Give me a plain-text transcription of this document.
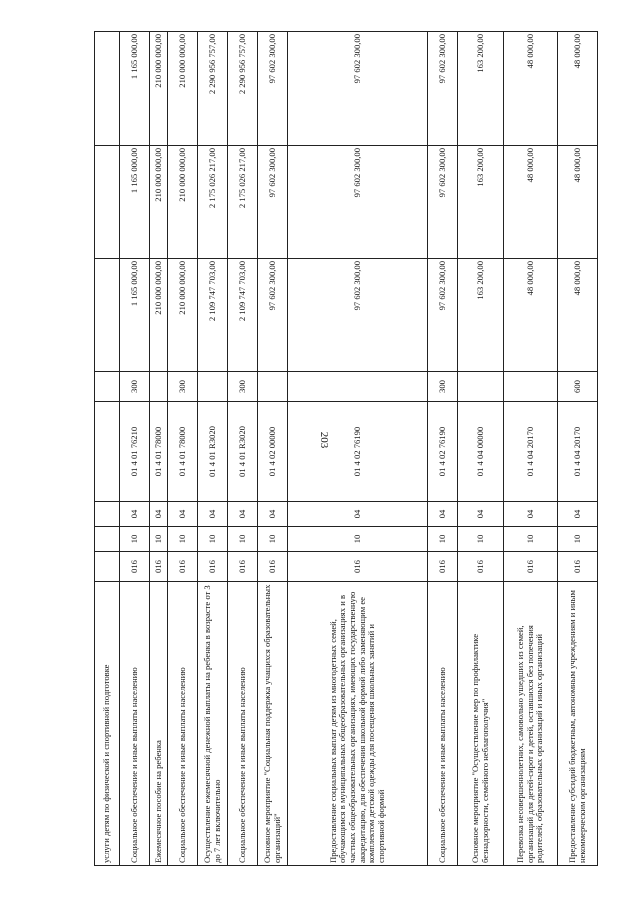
203
услуги детям по физической и спортивной подготовке								
Социальное обеспечение и иные выплаты населению	016	10	04	01 4 01 76210	300	1 165 000,00	1 165 000,00	1 165 000,00
Ежемесячное пособие на ребенка	016	10	04	01 4 01 78000		210 000 000,00	210 000 000,00	210 000 000,00
Социальное обеспечение и иные выплаты населению	016	10	04	01 4 01 78000	300	210 000 000,00	210 000 000,00	210 000 000,00
Осуществление ежемесячной денежной выплаты на ребенка в возрасте от 3 до 7 лет включительно	016	10	04	01 4 01 R3020		2 109 747 703,00	2 175 026 217,00	2 290 956 757,00
Социальное обеспечение и иные выплаты населению	016	10	04	01 4 01 R3020	300	2 109 747 703,00	2 175 026 217,00	2 290 956 757,00
Основное мероприятие "Социальная поддержка учащихся образовательных организаций"	016	10	04	01 4 02 00000		97 602 300,00	97 602 300,00	97 602 300,00
Предоставление социальных выплат детям из многодетных семей, обучающимся в муниципальных общеобразовательных организациях и в частных общеобразовательных организациях, имеющих государственную аккредитацию, для обеспечения школьной формой либо заменяющим ее комплектом детской одежды для посещения школьных занятий и спортивной формой	016	10	04	01 4 02 76190		97 602 300,00	97 602 300,00	97 602 300,00
Социальное обеспечение и иные выплаты населению	016	10	04	01 4 02 76190	300	97 602 300,00	97 602 300,00	97 602 300,00
Основное мероприятие "Осуществление мер по профилактике безнадзорности, семейного неблагополучия"	016	10	04	01 4 04 00000		163 200,00	163 200,00	163 200,00
Перевозка несовершеннолетних, самовольно ушедших из семей, организаций для детей-сирот и детей, оставшихся без попечения родителей, образовательных организаций и иных организаций	016	10	04	01 4 04 20170		48 000,00	48 000,00	48 000,00
Предоставление субсидий бюджетным, автономным учреждениям и иным некоммерческим организациям	016	10	04	01 4 04 20170	600	48 000,00	48 000,00	48 000,00
